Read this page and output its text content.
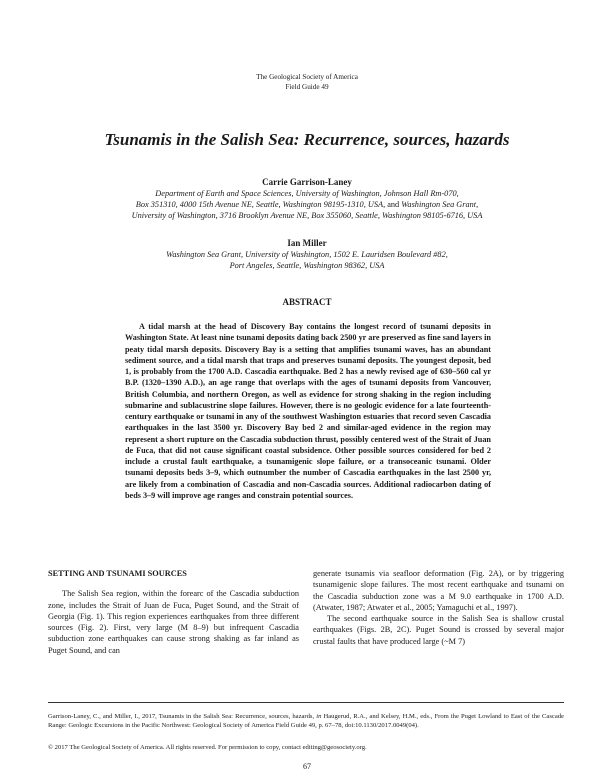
The Geological Society of America
Field Guide 49
Tsunamis in the Salish Sea: Recurrence, sources, hazards
Carrie Garrison-Laney
Department of Earth and Space Sciences, University of Washington, Johnson Hall Rm-070,
Box 351310, 4000 15th Avenue NE, Seattle, Washington 98195-1310, USA, and Washington Sea Grant,
University of Washington, 3716 Brooklyn Avenue NE, Box 355060, Seattle, Washington 98105-6716, USA
Ian Miller
Washington Sea Grant, University of Washington, 1502 E. Lauridsen Boulevard #82,
Port Angeles, Seattle, Washington 98362, USA
ABSTRACT

A tidal marsh at the head of Discovery Bay contains the longest record of tsunami deposits in Washington State. At least nine tsunami deposits dating back 2500 yr are preserved as fine sand layers in peaty tidal marsh deposits. Discovery Bay is a setting that amplifies tsunami waves, has an abundant sediment source, and a tidal marsh that traps and preserves tsunami deposits. The youngest deposit, bed 1, is probably from the 1700 A.D. Cascadia earthquake. Bed 2 has a newly revised age of 630–560 cal yr B.P. (1320–1390 A.D.), an age range that overlaps with the ages of tsunami deposits from Vancouver, British Columbia, and northern Oregon, as well as evidence for strong shaking in the region including submarine and sublacustrine slope failures. However, there is no geologic evidence for a late fourteenth-century earthquake or tsunami in any of the southwest Washington estuaries that record seven Cascadia earthquakes in the last 3500 yr. Discovery Bay bed 2 and similar-aged evidence in the region may represent a short rupture on the Cascadia subduction thrust, possibly centered west of the Strait of Juan de Fuca, that did not cause significant coastal subsidence. Other possible sources considered for bed 2 include a crustal fault earthquake, a tsunamigenic slope failure, or a transoceanic tsunami. Older tsunami deposits beds 3–9, which outnumber the number of Cascadia earthquakes in the last 2500 yr, are likely from a combination of Cascadia and non-Cascadia sources. Additional radiocarbon dating of beds 3–9 will improve age ranges and constrain potential sources.

SETTING AND TSUNAMI SOURCES

The Salish Sea region, within the forearc of the Cascadia subduction zone, includes the Strait of Juan de Fuca, Puget Sound, and the Strait of Georgia (Fig. 1). This region experiences earthquakes from three different sources (Fig. 2). First, very large (M 8–9) but infrequent Cascadia subduction zone earthquakes can cause strong shaking as far inland as Puget Sound, and can

generate tsunamis via seafloor deformation (Fig. 2A), or by triggering tsunamigenic slope failures. The most recent earthquake and tsunami on the Cascadia subduction zone was a M 9.0 earthquake in 1700 A.D. (Atwater, 1987; Atwater et al., 2005; Yamaguchi et al., 1997).

The second earthquake source in the Salish Sea is shallow crustal earthquakes (Figs. 2B, 2C). Puget Sound is crossed by several major crustal faults that have produced large (~M 7)

Garrison-Laney, C., and Miller, I., 2017, Tsunamis in the Salish Sea: Recurrence, sources, hazards, in Haugerud, R.A., and Kelsey, H.M., eds., From the Puget Lowland to East of the Cascade Range: Geologic Excursions in the Pacific Northwest: Geological Society of America Field Guide 49, p. 67–78, doi:10.1130/2017.0049(04).

© 2017 The Geological Society of America. All rights reserved. For permission to copy, contact editing@geosociety.org.

67
